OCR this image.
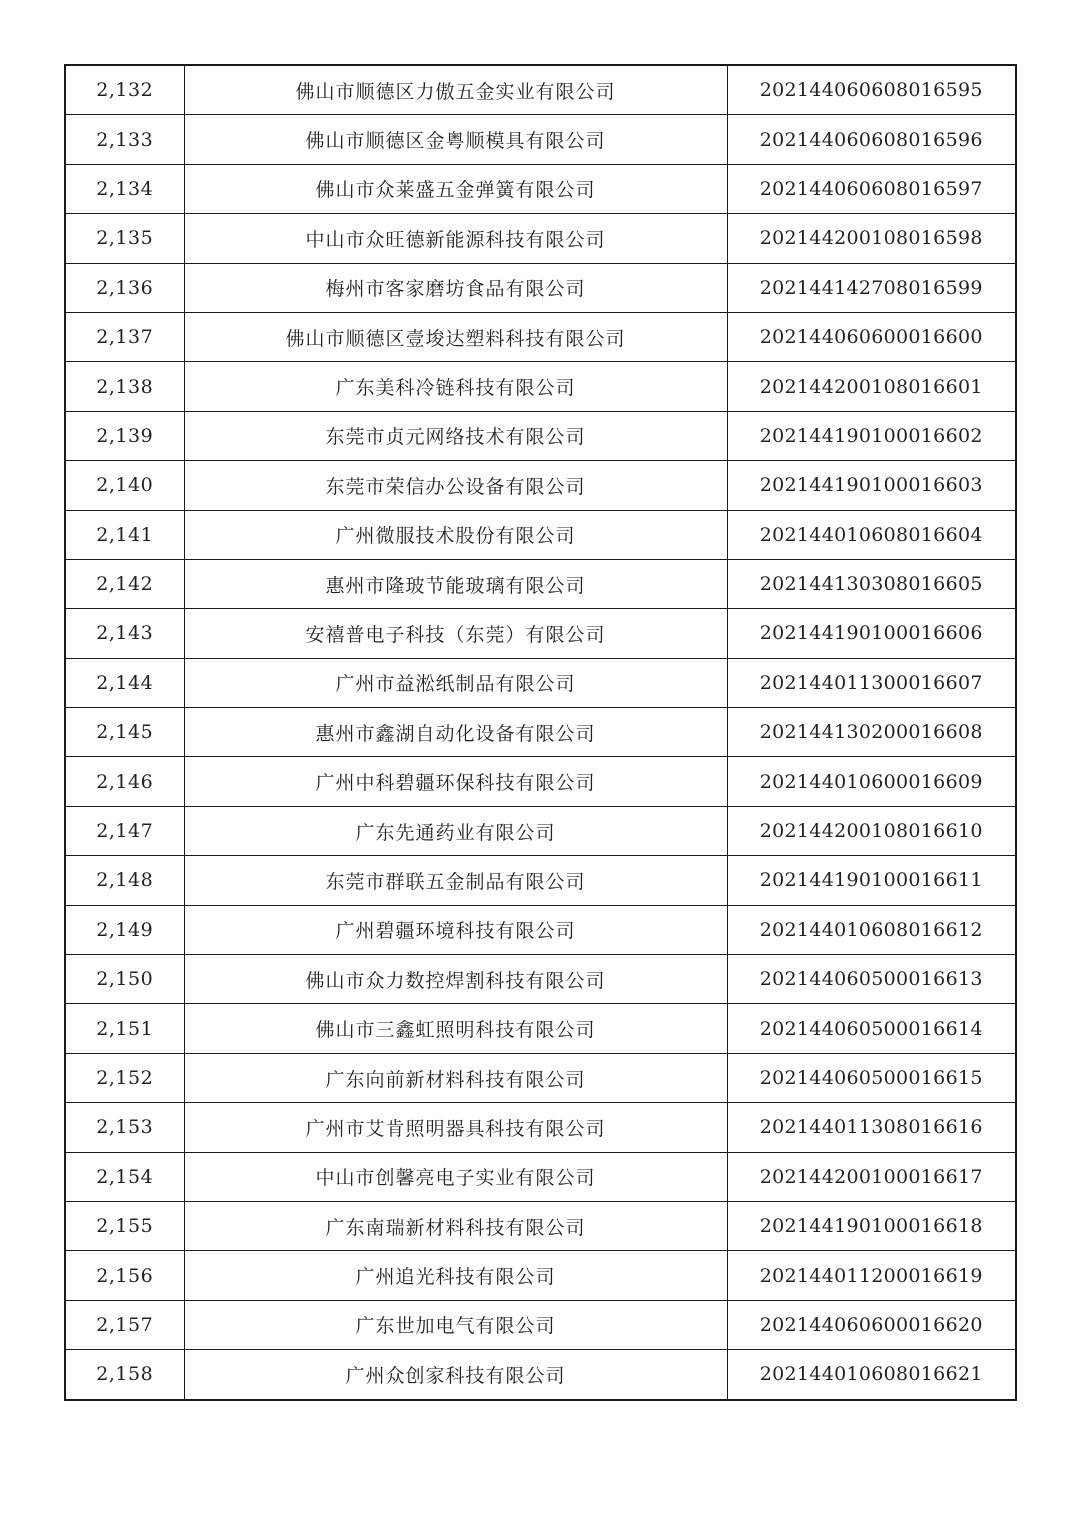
2,132	佛山市顺德区力傲五金实业有限公司	202144060608016595
2,133	佛山市顺德区金粤顺模具有限公司	202144060608016596
2,134	佛山市众莱盛五金弹簧有限公司	202144060608016597
2,135	中山市众旺德新能源科技有限公司	202144200108016598
2,136	梅州市客家磨坊食品有限公司	202144142708016599
2,137	佛山市顺德区壹埈达塑料科技有限公司	202144060600016600
2,138	广东美科冷链科技有限公司	202144200108016601
2,139	东莞市贞元网络技术有限公司	202144190100016602
2,140	东莞市荣信办公设备有限公司	202144190100016603
2,141	广州微服技术股份有限公司	202144010608016604
2,142	惠州市隆玻节能玻璃有限公司	202144130308016605
2,143	安禧普电子科技（东莞）有限公司	202144190100016606
2,144	广州市益淞纸制品有限公司	202144011300016607
2,145	惠州市鑫湖自动化设备有限公司	202144130200016608
2,146	广州中科碧疆环保科技有限公司	202144010600016609
2,147	广东先通药业有限公司	202144200108016610
2,148	东莞市群联五金制品有限公司	202144190100016611
2,149	广州碧疆环境科技有限公司	202144010608016612
2,150	佛山市众力数控焊割科技有限公司	202144060500016613
2,151	佛山市三鑫虹照明科技有限公司	202144060500016614
2,152	广东向前新材料科技有限公司	202144060500016615
2,153	广州市艾肯照明器具科技有限公司	202144011308016616
2,154	中山市创馨亮电子实业有限公司	202144200100016617
2,155	广东南瑞新材料科技有限公司	202144190100016618
2,156	广州追光科技有限公司	202144011200016619
2,157	广东世加电气有限公司	202144060600016620
2,158	广州众创家科技有限公司	202144010608016621
